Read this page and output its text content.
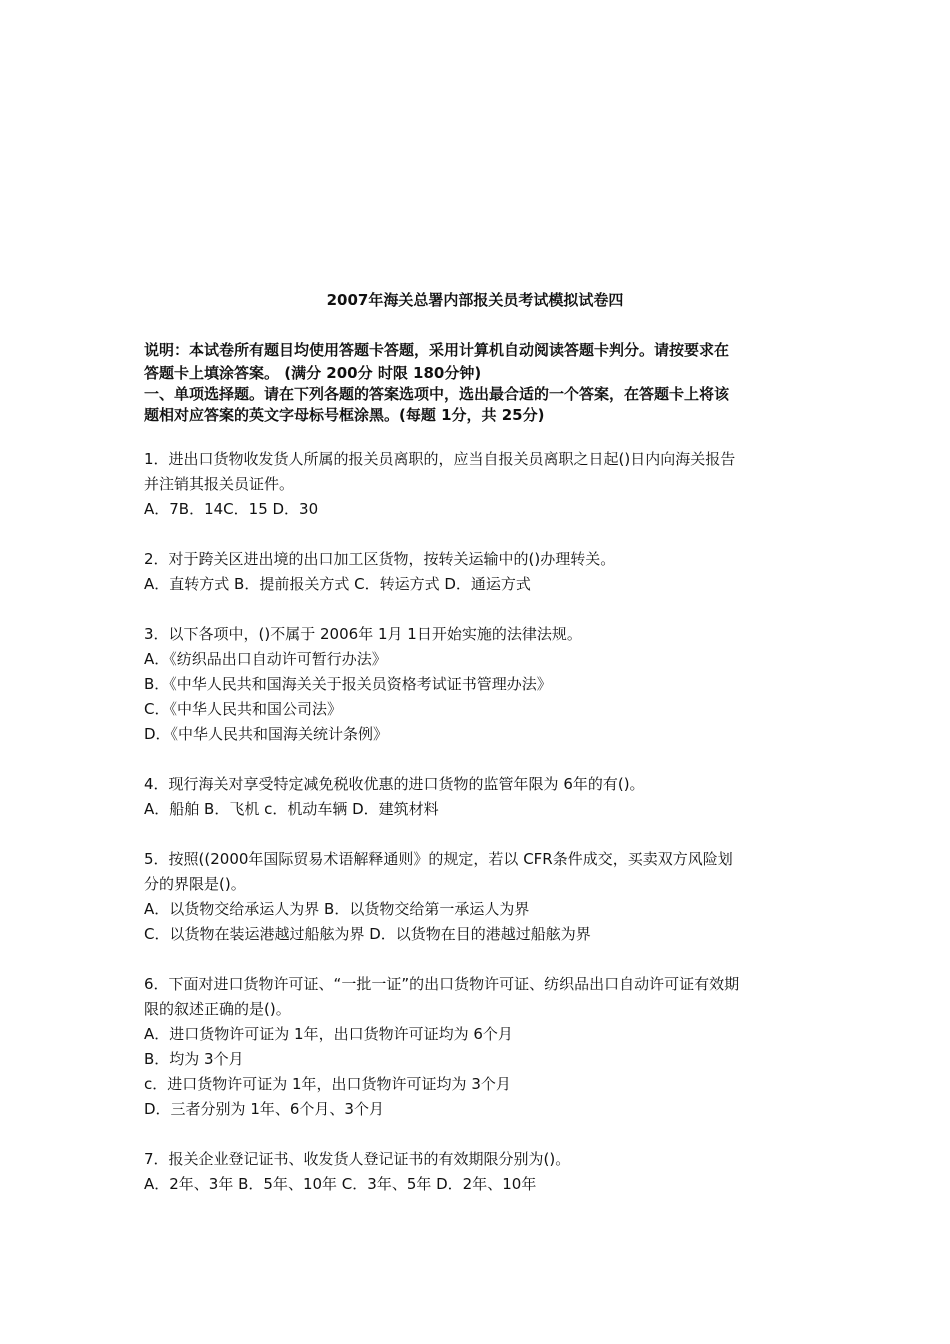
2007年海关总署内部报关员考试模拟试卷四
说明：本试卷所有题目均使用答题卡答题，采用计算机自动阅读答题卡判分。请按要求在
答题卡上填涂答案。 (满分 200分 时限 180分钟)
一、单项选择题。请在下列各题的答案选项中，选出最合适的一个答案，在答题卡上将该
题相对应答案的英文字母标号框涂黑。(每题 1分，共 25分)
1．进出口货物收发货人所属的报关员离职的，应当自报关员离职之日起()日内向海关报告
并注销其报关员证件。
A．7B．14C．15 D．30
2．对于跨关区进出境的出口加工区货物，按转关运输中的()办理转关。
A．直转方式 B．提前报关方式 C．转运方式 D．通运方式
3．以下各项中，()不属于 2006年 1月 1日开始实施的法律法规。
A．《纺织品出口自动许可暂行办法》
B．《中华人民共和国海关关于报关员资格考试证书管理办法》
C．《中华人民共和国公司法》
D．《中华人民共和国海关统计条例》
4．现行海关对享受特定减免税收优惠的进口货物的监管年限为 6年的有()。
A．船舶 B．飞机 c．机动车辆 D．建筑材料
5．按照((2000年国际贸易术语解释通则》的规定，若以 CFR条件成交，买卖双方风险划
分的界限是()。
A．以货物交给承运人为界 B．以货物交给第一承运人为界
C．以货物在装运港越过船舷为界 D．以货物在目的港越过船舷为界
6．下面对进口货物许可证、“一批一证”的出口货物许可证、纺织品出口自动许可证有效期
限的叙述正确的是()。
A．进口货物许可证为 1年，出口货物许可证均为 6个月
B．均为 3个月
c．进口货物许可证为 1年，出口货物许可证均为 3个月
D．三者分别为 1年、6个月、3个月
7．报关企业登记证书、收发货人登记证书的有效期限分别为()。
A．2年、3年 B．5年、10年 C．3年、5年 D．2年、10年
